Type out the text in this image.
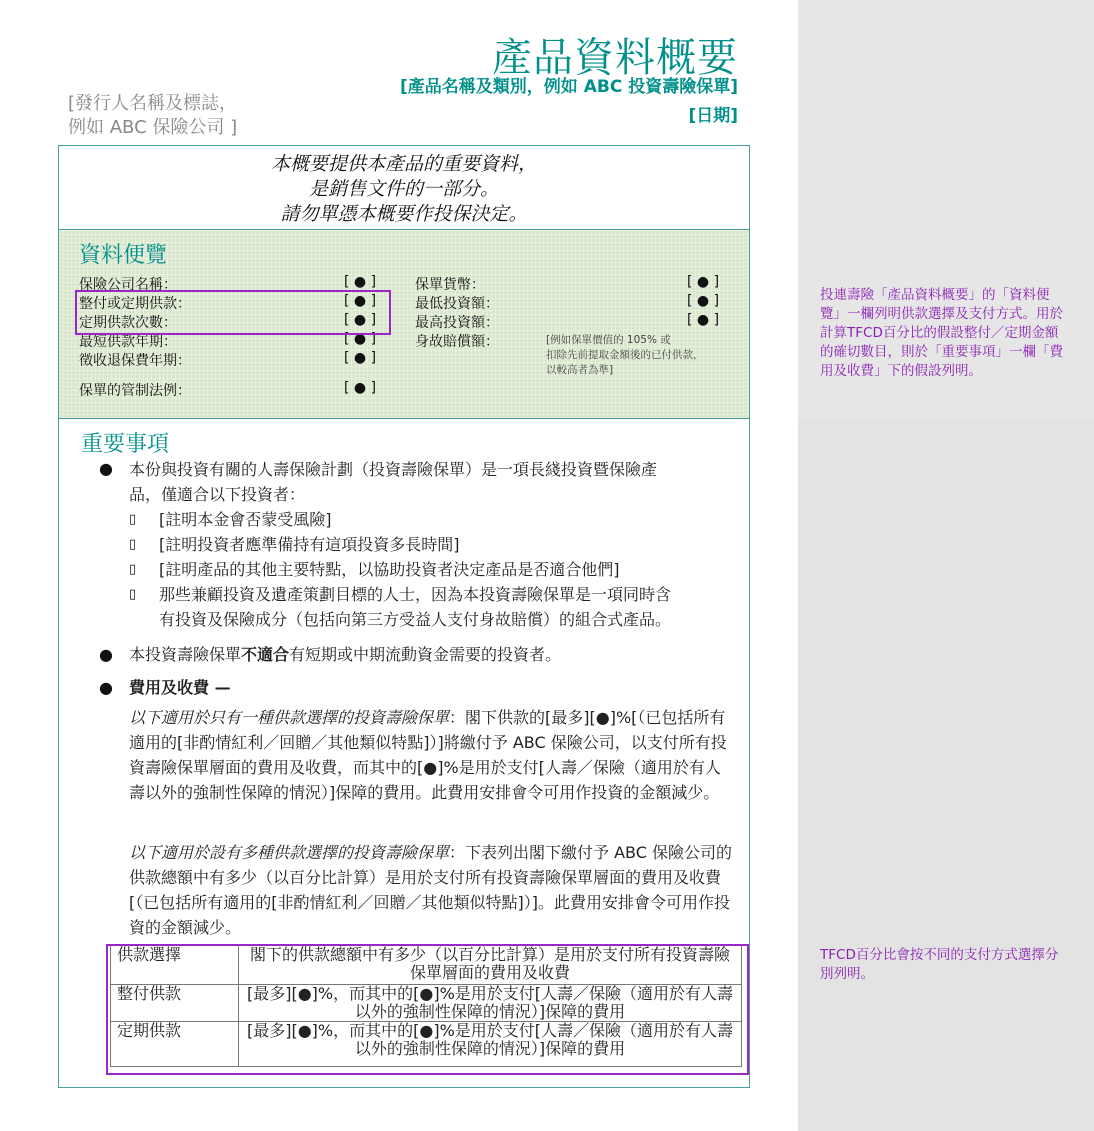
投連壽險「產品資料概要」的「資料便覽」一欄列明供款選擇及支付方式。用於計算TFCD百分比的假設整付／定期金額的確切數目，則於「重要事項」一欄「費用及收費」下的假設列明。
TFCD百分比會按不同的支付方式選擇分別列明。
產品資料概要
[產品名稱及類別，例如 ABC 投資壽險保單]
[日期]
[發行人名稱及標誌，
例如 ABC 保險公司 ]
本概要提供本產品的重要資料，
是銷售文件的一部分。
請勿單憑本概要作投保決定。
資料便覽
保險公司名稱：	[ ● ]
整付或定期供款：	[ ● ]
定期供款次數：	[ ● ]
最短供款年期：	[ ● ]
徵收退保費年期：	[ ● ]
保單的管制法例：	[ ● ]
保單貨幣：	[ ● ]
最低投資額：	[ ● ]
最高投資額：	[ ● ]
身故賠償額：	[例如保單價值的 105% 或
扣除先前提取金額後的已付供款，
以較高者為準]
重要事項
● 本份與投資有關的人壽保險計劃（投資壽險保單）是一項長綫投資暨保險產
品，僅適合以下投資者：
▯ [註明本金會否蒙受風險]
▯ [註明投資者應準備持有這項投資多長時間]
▯ [註明產品的其他主要特點，以協助投資者決定產品是否適合他們]
▯ 那些兼顧投資及遺產策劃目標的人士，因為本投資壽險保單是一項同時含
有投資及保險成分（包括向第三方受益人支付身故賠償）的組合式產品。
● 本投資壽險保單不適合有短期或中期流動資金需要的投資者。
● 費用及收費 —
以下適用於只有一種供款選擇的投資壽險保單：閣下供款的[最多][●]%[（已包括所有適用的[非酌情紅利／回贈／其他類似特點]）]將繳付予 ABC 保險公司，以支付所有投資壽險保單層面的費用及收費，而其中的[●]%是用於支付[人壽／保險（適用於有人壽以外的強制性保障的情況）]保障的費用。此費用安排會令可用作投資的金額減少。
以下適用於設有多種供款選擇的投資壽險保單：下表列出閣下繳付予 ABC 保險公司的供款總額中有多少（以百分比計算）是用於支付所有投資壽險保單層面的費用及收費[（已包括所有適用的[非酌情紅利／回贈／其他類似特點]）]。此費用安排會令可用作投資的金額減少。
供款選擇	閣下的供款總額中有多少（以百分比計算）是用於支付所有投資壽險保單層面的費用及收費
整付供款	[最多][●]%，而其中的[●]%是用於支付[人壽／保險（適用於有人壽以外的強制性保障的情況）]保障的費用
定期供款	[最多][●]%，而其中的[●]%是用於支付[人壽／保險（適用於有人壽以外的強制性保障的情況）]保障的費用
